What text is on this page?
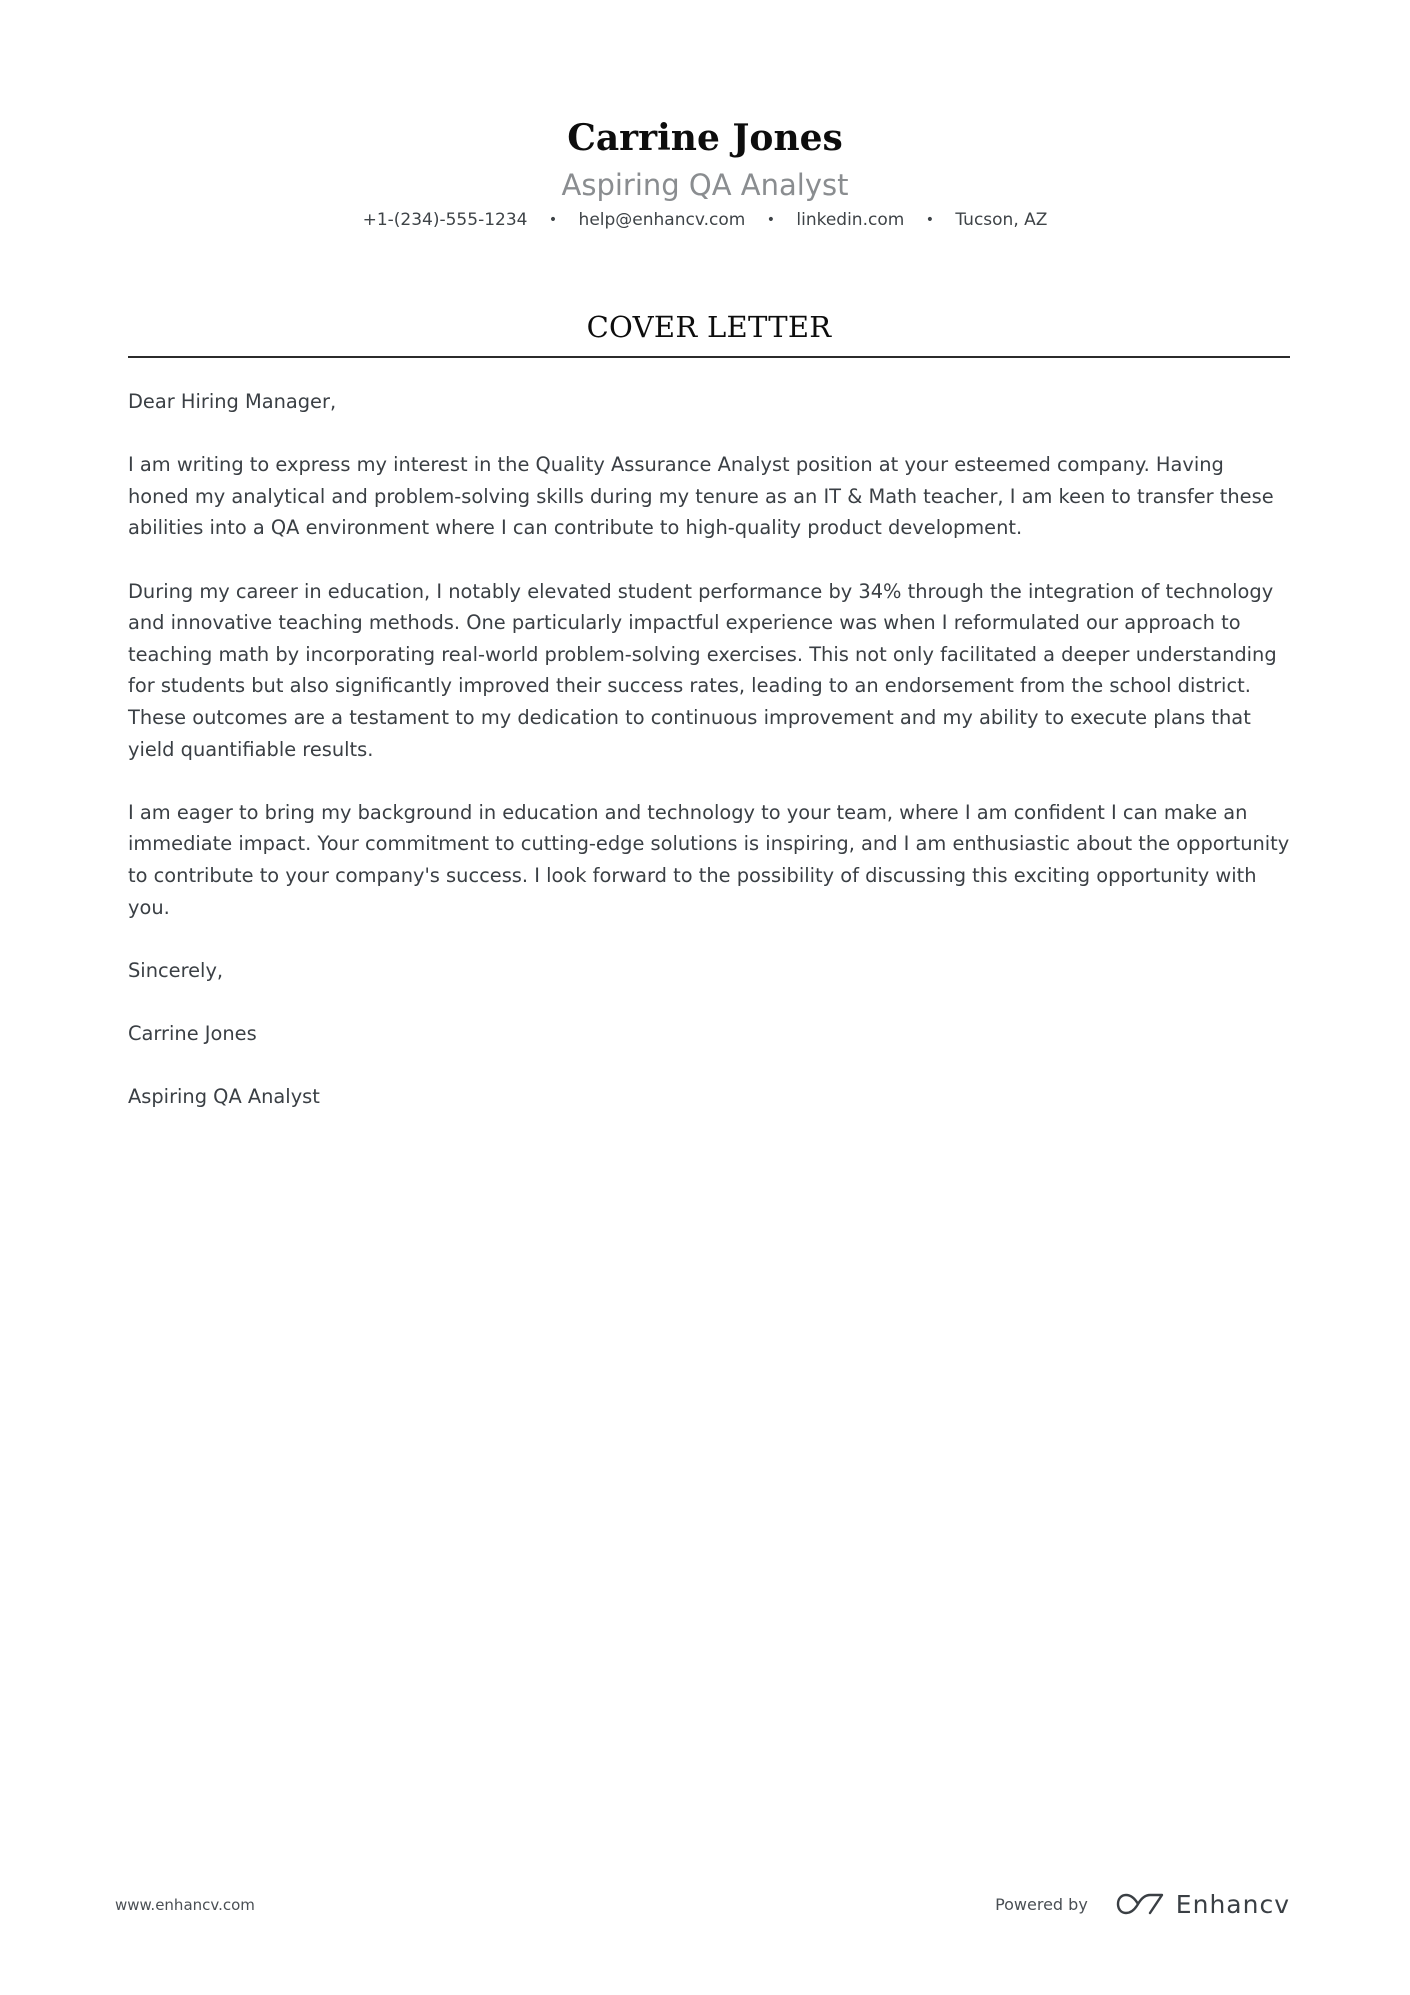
Carrine Jones
Aspiring QA Analyst
+1-(234)-555-1234 • help@enhancv.com • linkedin.com • Tucson, AZ
COVER LETTER

Dear Hiring Manager,

I am writing to express my interest in the Quality Assurance Analyst position at your esteemed company. Having honed my analytical and problem-solving skills during my tenure as an IT & Math teacher, I am keen to transfer these abilities into a QA environment where I can contribute to high-quality product development.

During my career in education, I notably elevated student performance by 34% through the integration of technology and innovative teaching methods. One particularly impactful experience was when I reformulated our approach to teaching math by incorporating real-world problem-solving exercises. This not only facilitated a deeper understanding for students but also significantly improved their success rates, leading to an endorsement from the school district. These outcomes are a testament to my dedication to continuous improvement and my ability to execute plans that yield quantifiable results.

I am eager to bring my background in education and technology to your team, where I am confident I can make an immediate impact. Your commitment to cutting-edge solutions is inspiring, and I am enthusiastic about the opportunity to contribute to your company's success. I look forward to the possibility of discussing this exciting opportunity with you.

Sincerely,

Carrine Jones

Aspiring QA Analyst

www.enhancv.com	Powered by	Enhancv
